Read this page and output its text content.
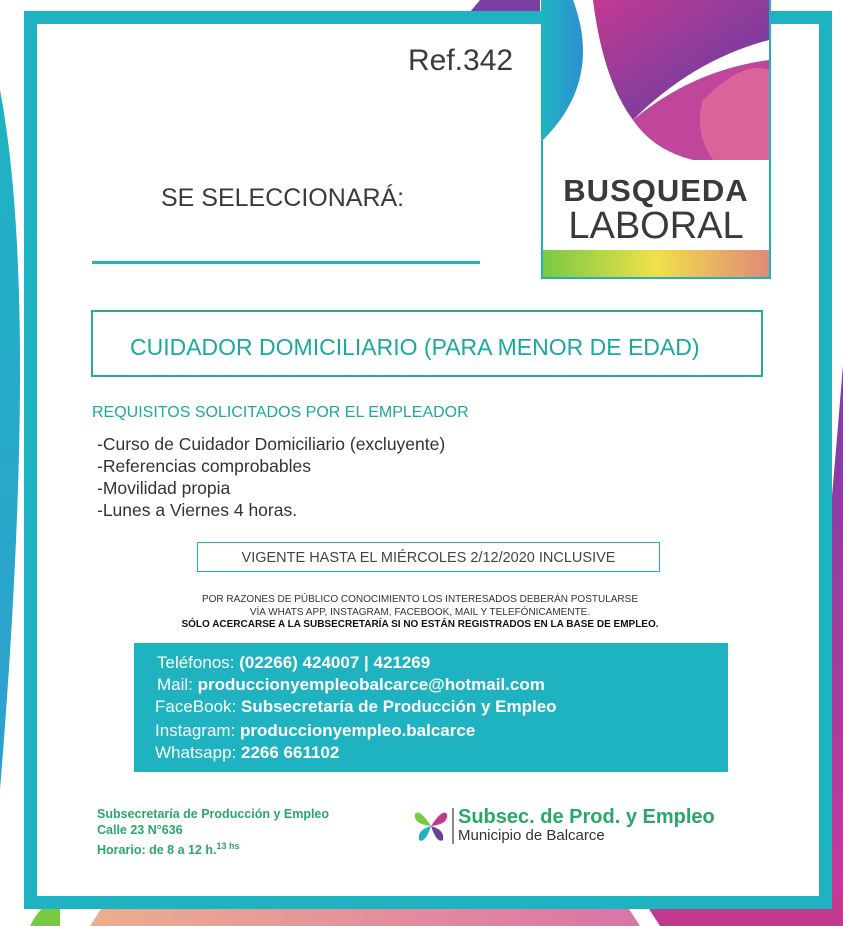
Ref.342
BUSQUEDA
LABORAL
SE SELECCIONARÁ:
CUIDADOR DOMICILIARIO (PARA MENOR DE EDAD)
REQUISITOS SOLICITADOS POR EL EMPLEADOR
-Curso de Cuidador Domiciliario (excluyente)
-Referencias comprobables
-Movilidad propia
-Lunes a Viernes 4 horas.
VIGENTE HASTA EL MIÉRCOLES 2/12/2020 INCLUSIVE
POR RAZONES DE PÚBLICO CONOCIMIENTO LOS INTERESADOS DEBERÁN POSTULARSE
VÍA WHATS APP, INSTAGRAM, FACEBOOK, MAIL Y TELEFÓNICAMENTE.
SÓLO ACERCARSE A LA SUBSECRETARÍA SI NO ESTÁN REGISTRADOS EN LA BASE DE EMPLEO.
Teléfonos: (02266) 424007 | 421269
Mail: produccionyempleobalcarce@hotmail.com
FaceBook: Subsecretaría de Producción y Empleo
Instagram: produccionyempleo.balcarce
Whatsapp: 2266 661102
Subsecretaría de Producción y Empleo
Calle 23 N°636
Horario: de 8 a 12 h.$^{13 hs}$
Subsec. de Prod. y Empleo
Municipio de Balcarce
